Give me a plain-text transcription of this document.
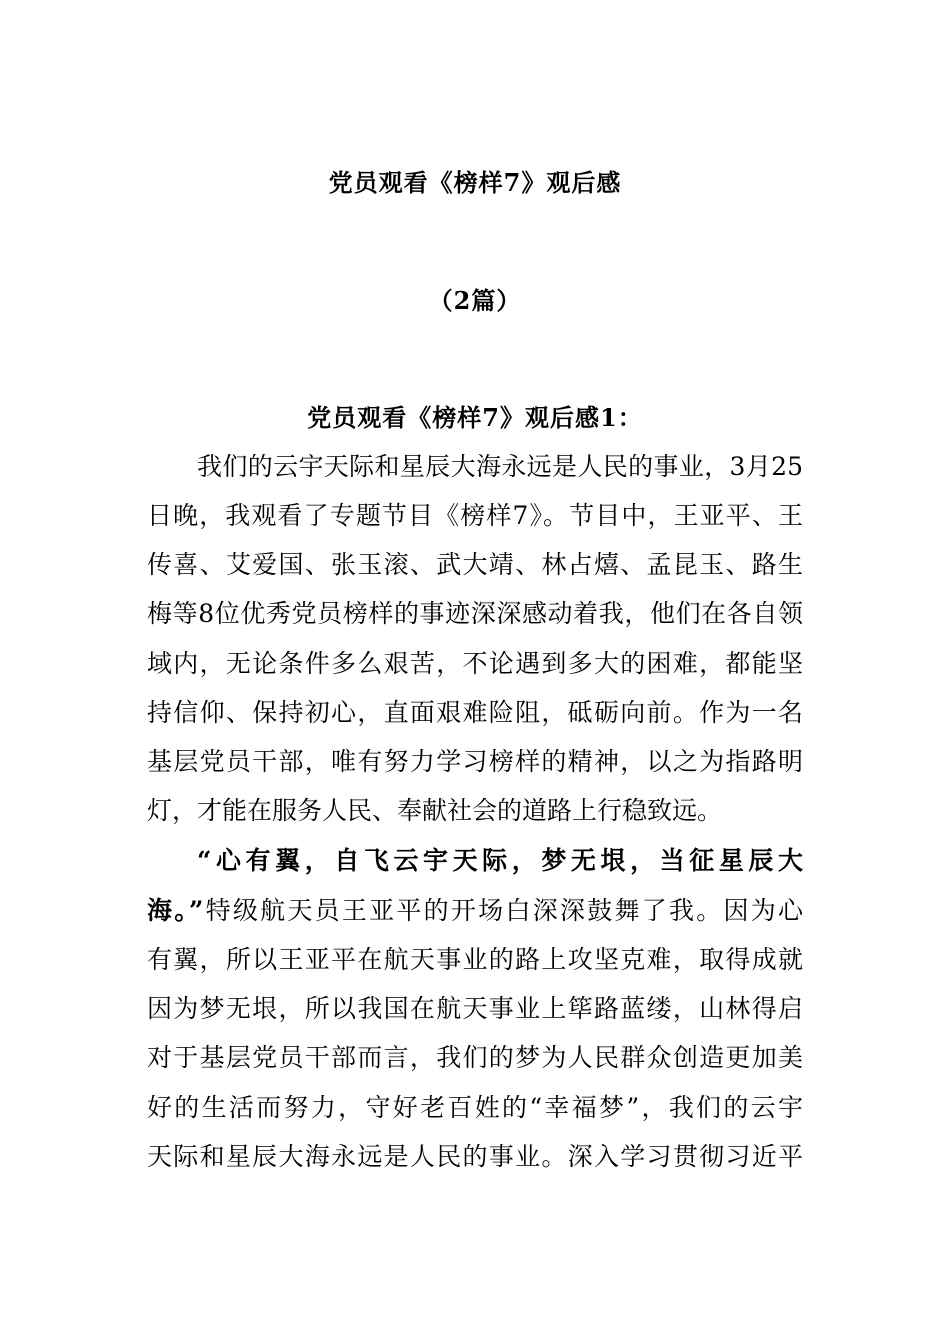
党员观看《榜样7》观后感
（2篇）
党员观看《榜样7》观后感1：
我们的云宇天际和星辰大海永远是人民的事业，3月25
日晚，我观看了专题节目《榜样7》。节目中，王亚平、王
传喜、艾爱国、张玉滚、武大靖、林占熺、孟昆玉、路生
梅等8位优秀党员榜样的事迹深深感动着我，他们在各自领
域内，无论条件多么艰苦，不论遇到多大的困难，都能坚
持信仰、保持初心，直面艰难险阻，砥砺向前。作为一名
基层党员干部，唯有努力学习榜样的精神，以之为指路明
灯，才能在服务人民、奉献社会的道路上行稳致远。
“心有翼，自飞云宇天际，梦无垠，当征星辰大
海。”特级航天员王亚平的开场白深深鼓舞了我。因为心
有翼，所以王亚平在航天事业的路上攻坚克难，取得成就
因为梦无垠，所以我国在航天事业上筚路蓝缕，山林得启
对于基层党员干部而言，我们的梦为人民群众创造更加美
好的生活而努力，守好老百姓的“幸福梦”，我们的云宇
天际和星辰大海永远是人民的事业。深入学习贯彻习近平
